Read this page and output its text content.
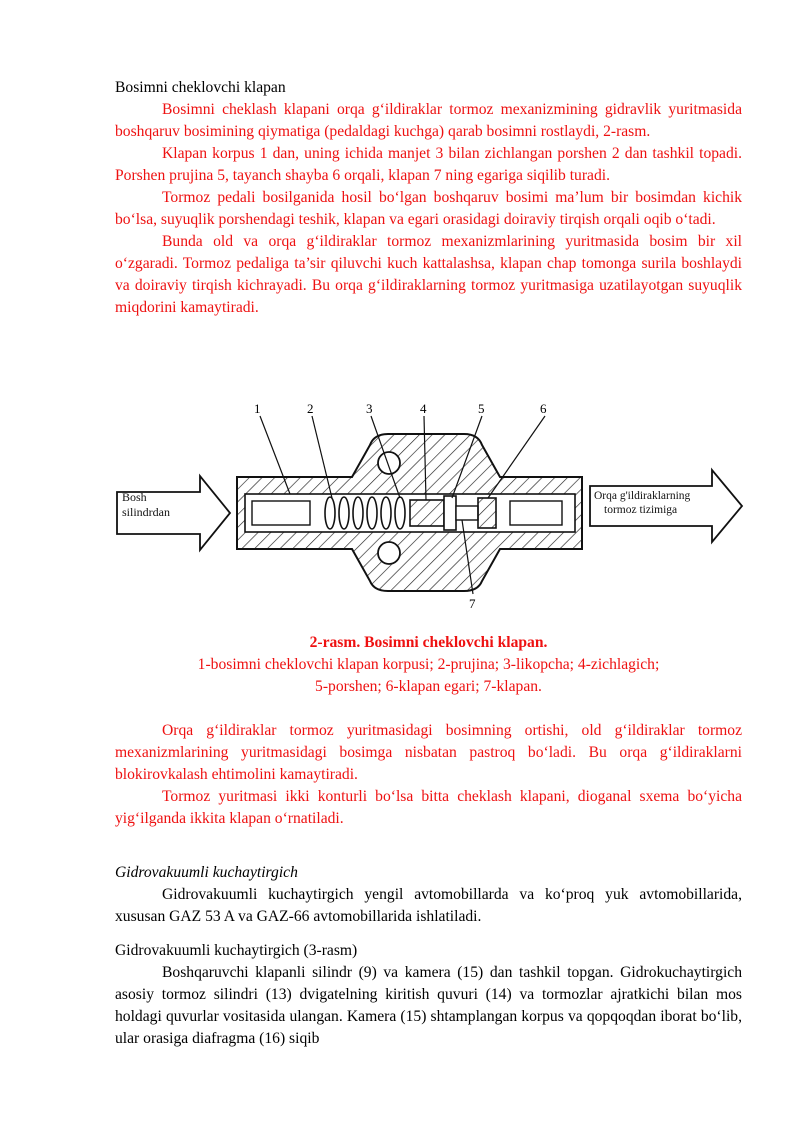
Bosimni cheklovchi klapan

Bosimni cheklash klapani orqa g‘ildiraklar tormoz mexanizmining gidravlik yuritmasida boshqaruv bosimining qiymatiga (pedaldagi kuchga) qarab bosimni rostlaydi, 2-rasm.

Klapan korpus 1 dan, uning ichida manjet 3 bilan zichlangan porshen 2 dan tashkil topadi. Porshen prujina 5, tayanch shayba 6 orqali, klapan 7 ning egariga siqilib turadi.

Tormoz pedali bosilganida hosil bo‘lgan boshqaruv bosimi ma’lum bir bosimdan kichik bo‘lsa, suyuqlik porshendagi teshik, klapan va egari orasidagi doiraviy tirqish orqali oqib o‘tadi.

Bunda old va orqa g‘ildiraklar tormoz mexanizmlarining yuritmasida bosim bir xil o‘zgaradi. Tormoz pedaliga ta’sir qiluvchi kuch kattalashsa, klapan chap tomonga surila boshlaydi va doiraviy tirqish kichrayadi. Bu orqa g‘ildiraklarning tormoz yuritmasiga uzatilayotgan suyuqlik miqdorini kamaytiradi.

Bosh
silindrdan
Orqa g'ildiraklarning
tormoz tizimiga
1	2	3	4	5	6
7

2-rasm. Bosimni cheklovchi klapan.

1-bosimni cheklovchi klapan korpusi; 2-prujina; 3-likopcha; 4-zichlagich;

5-porshen; 6-klapan egari; 7-klapan.

Orqa g‘ildiraklar tormoz yuritmasidagi bosimning ortishi, old g‘ildiraklar tormoz mexanizmlarining yuritmasidagi bosimga nisbatan pastroq bo‘ladi. Bu orqa g‘ildiraklarni blokirovkalash ehtimolini kamaytiradi.

Tormoz yuritmasi ikki konturli bo‘lsa bitta cheklash klapani, dioganal sxema bo‘yicha yig‘ilganda ikkita klapan o‘rnatiladi.

Gidrovakuumli kuchaytirgich

Gidrovakuumli kuchaytirgich yengil avtomobillarda va ko‘proq yuk avtomobillarida, xususan GAZ 53 A va GAZ-66 avtomobillarida ishlatiladi.

Gidrovakuumli kuchaytirgich (3-rasm)

Boshqaruvchi klapanli silindr (9) va kamera (15) dan tashkil topgan. Gidrokuchaytirgich asosiy tormoz silindri (13) dvigatelning kiritish quvuri (14) va tormozlar ajratkichi bilan mos holdagi quvurlar vositasida ulangan. Kamera (15) shtamplangan korpus va qopqoqdan iborat bo‘lib, ular orasiga diafragma (16) siqib
